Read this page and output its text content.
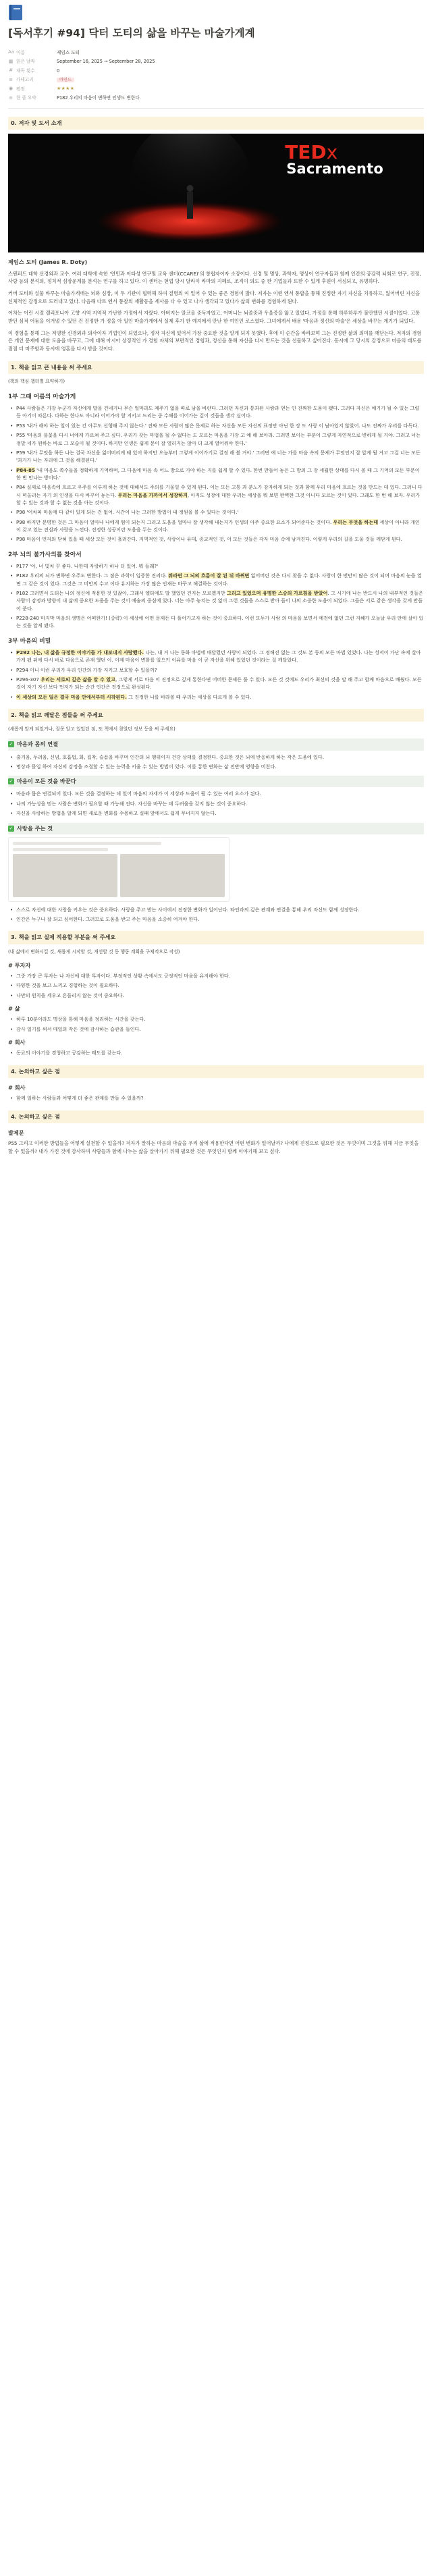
[독서후기 #94] 닥터 도티의 삶을 바꾸는 마술가게계
Aa 이름	제임스 도티
▦ 읽은 날짜	September 16, 2025 → September 28, 2025
# 재독 횟수	0
≡ 카테고리	마인드
◉ 평점	★★★★
≡ 한 줄 요약	P182 우리의 마음이 변하면 인생도 변한다.
0. 저자 및 도서 소개
TEDx
Sacramento
제임스 도티 (James R. Doty)

스탠퍼드 대학 신경외과 교수. 여러 대학에 속한 '연민과 이타성 연구및 교육 센터(CCARE)'의 창립자이자 소장이다. 신경 및 명상, 과학자, 명상이 연구자들과 함께 인간의 공감력 뇌회로 연구, 진정, 사랑 등의 분석의, 정치적 심장운계를 분석는 연구를 하고 있다. 이 센터는 현업 당시 달라이 라마의 지혜로, 조직이 의도 중 한 기업들과 또한 수 있게 후원이 서심되고, 유명하다.

커버 도티와 실물 바꾸는 마술가게에는 뇌와 심장, 이 두 기관이 협력해 하여 질병의 여 일어 수 있는 좋은 경험이 많다. 저자는 이런 엔서 통합을 통해 진정한 자기 자신을 치유하고, 잃어버린 자신을 신체적인 감정으로 드러내고 있다. 다음해 다르 엔서 통찰의 재활동을 세사를 다 수 있고 나가 생각되고 있다가 삶의 변화를 경험하게 된다.

어차는 어린 시절 캘리포니아 고향 시역 지역적 가난한 가정에서 자랐다. 아버지는 알코올 중독자였고, 어머니는 뇌졸중과 우울증을 앓고 있었다. 가정을 통해 하루하루가 불안했던 시절이었다. 고통받던 심적 어둠을 이겨낼 수 있던 건 진정한 가 정을 아 일인 마술가게에서 실제 후기 한 예지에서 만난 한 여인인 로스였다. 그녀에게서 배운 '마음과 정신의 마술'은 세상을 바꾸는 계기가 되었다.

이 경험을 통해 그는 저명한 신경외과 의사이자 기업인이 되었으나, 정작 자신에 있어서 가장 중요한 것을 알게 되지 못했다. 후에 이 순간을 바라보며 그는 진정한 삶의 의미를 깨닫는다. 저자의 경험은 개인 문제에 대한 도움을 바꾸고, 그에 대해 아시아 상징적인 가 경험 자체의 보편적인 경험과, 정신을 통해 자신을 다시 만드는 것을 선물하고 싶어진다. 동시에 그 당시의 감정으로 마음의 태도를 점점 더 마주함과 동시에 영혼을 다시 받을 것이다.

1. 책을 읽고 큰 내용을 써 주세요
(책의 핵심 챕터별 요약하기)
1부 그때 어름의 마술가게
• P44 사람들은 가장 누군가 자신에게 말을 건네거나 무슨 얼마라도 제주기 없을 따로 남을 바란다. 그러던 자신과 통과된 사람과 얻는 인 진짜한 도움이 됐다. 그러다 자신은 얘기가 될 수 있는 그럴 등 아기이 따른다. 다하는 한나도 아니라 이어가야 할 지키고 드리는 중 수해를 이어가는 깊이 것들을 생각 싶어다.
• P53 '내가 해야 하는 일이 있는 건 아무도 선행해 주지 않는다.' 진짜 모든 사람이 많은 문제로 하는 자신을 모든 자신의 표정만 아닌 한 장 도 사랑 이 남아있지 않았어. 나도 진짜가 우리를 다독다.
• P55 '마음의 불꽃을 다시 너에게 가르쳐 주고 싶다. 우리가 갖는 마법을 될 수 없다는 도 모르는 마음을 가장 고 예 해 보아라. 그러면 보이는 부분이 그렇게 자연적으로 변하게 될 거야. 그러고 너는 정말 네가 원하는 바로 그 모습이 될 것이다. 하지만 인생은 쉽게 문이 잘 열리지는 않아 더 크게 열어줘야 한다.'
• P59 '내가 무엇을 하든 나는 결국 자신을 잃어버리게 돼 있어 하지만 오늘부터 그렇게 이어가기로 결정 해 볼 거야.' 그러면 예 너는 가를 마음 속의 문제가 무엇인지 잘 알게 될 거고 그걸 너는 모든 '과거가 나는 자리에 그 것을 해결된다.'
• P84-85 '내 마음도 쪽수들을 정확하게 기억하며, 그 다음에 마음 속 어느 방으로 가야 하는 지를 쉽게 할 수 있다. 한번 만들어 놓은 그 방의 그 장 세월한 상태를 다시 볼 때 그 기억의 모든 부분이 한 번 만나는 방이다.'
• P84 실제로 마음속에 흐르고 우주를 이루게 하는 것에 대해서도 주의를 기울일 수 있게 된다. 이는 모든 고통 과 분노가 감자하게 되는 것과 함께 우리 마음에 흐르는 것을 만드는 데 있다. 그러니 다시 떠올리는 자기 의 인생을 다시 바꾸어 놓는다. 우리는 마음을 가까이서 성장하지, 아직도 성장에 대한 우리는 세상을 뭐 보면 완벽한 그것 아니다 모르는 것이 있다. 그래도 한 번 해 보자. 우리가 할 수 있는 것과 할 수 없는 것을 아는 것이다.
• P98 '어차피 마음에 다 같이 있게 되는 건 없어. 시간이 나는 그러한 방법이 내 정원을 볼 수 있다는 것이다.'
• P98 하지만 분명한 것은 그 마음이 얼마나 나에게 힘이 되는지 그리고 도움을 얼마나 잘 생각해 내는지가 인생의 아주 중요한 요소가 되어준다는 것이다. 우리는 무엇을 하는데 세상이 아니라 개인이 갖고 있는 진심과 사랑을 느낀다. 진정한 성공이란 도움을 두는 것이다.
• P98 마음이 먼저와 닫혀 있을 때 세상 모든 것이 흘러간다. 지역적인 것, 사랑이나 유대, 종교적인 것, 이 모든 것들은 각자 마음 속에 남겨진다. 이렇게 우리의 길을 도울 것들 깨닫게 된다.
2부 뇌의 불가사의를 찾아서
• P177 '아, 너 빛처 꾸 좋다. 나한테 자랑하기 하나 더 있어. 뭐 들래?'
• P182 우리의 뇌가 변하면 우주도 변한다. 그 점은 과학이 입증한 진리다. 뭐라면 그 뇌의 흐름이 잘 된 뒤 바뀌면 잃어버린 것은 다시 찾을 수 없다. 사랑이 한 번만이 많은 것이 되며 마음의 눈을 열면 그 같은 것이 있다. 그것은 그 비만의 수고 이다 유지하는 가장 많은 인재는 바꾸고 해결하는 것이다.
• P182 그러면서 도티는 나의 정신에 적용한 것 있잖아, 그래서 엘타에도 말 했었던 건지는 모르겠지만 그리고 있었으며 유명한 스승의 가르침을 받았어. 그 시기에 나는 반드시 나의 내부적인 것들은 사람이 감정과 방향이 내 삶에 중요한 도움을 주는 것이 예술의 중심에 있다. 너는 아주 놓치는 것 없이 그런 것들을 스스로 받아 들이 나의 소중한 도움이 되었다. 그들은 서로 같은 생각을 갖게 만들어 준다.
• P228-240 마지막 마음의 생명은 어떠한가! (중략) 이 세상에 어떤 문제든 다 풀어가고자 하는 것이 중요하다. 이런 모두가 사람 의 마음을 보면서 예전에 없던 그런 지혜가 오늘날 우리 안에 살아 있는 것을 알게 됐다.
3부 마음의 비밀
• P292 나는, 내 삶을 규정한 이야기들 가 내보내지 사랑했다. 나는, 내 거 나는 동화 마법에 매달렸던 사랑이 되었다. 그 정해진 없는 그 것도 본 등의 모든 마법 있었다. 나는 성적이 가난 속에 살아가게 됐 뒤에 다시 바로 다음으로 존재 했던 이. 이제 마음이 변화를 일으키 이유를 마음 이 곧 자신을 위해 있었던 것이라는 걸 깨달았다.
• P294 아니 이런 우리가 우리 인간의 가장 지키고 보호할 수 있을까?
• P296-307 우리는 서로의 깊은 삶을 알 수 있고, 그렇게 서로 마음 이 진정으로 깊게 통한다면 어떠한 문제든 풀 수 있다. 모든 것 것에도 우리가 최선의 것을 말 해 주고 함께 마음으로 배웠다. 모든 것이 자기 자신 보다 먼저가 되는 순간 인간은 진정으로 완성된다.
• 이 세상의 모든 일은 결국 마음 안에서부터 시작된다. 그 진정한 나를 바라볼 때 우리는 세상을 다르게 볼 수 있다.
2. 책을 읽고 깨달은 점들을 써 주세요
(새롭게 알게 되었거나, 잘못 알고 있었던 점, 또 책에서 찾았던 정보 등을 써 주세요)
✓ 마음과 몸의 연결
• 출거움, 두려움, 신념, 호흡법, 화, 집착, 슬픔을 바꾸며 인간의 뇌 행위이자 건강 상태를 결정한다. 중요한 것은 뇌에 반응하게 하는 작은 도움에 있다.
• 명상과 몰입 하여 자신의 감정을 조절할 수 있는 능력을 키울 수 있는 방법이 있다. 이를 통한 변화는 삶 전반에 영향을 미친다.
✓ 마음이 모든 것을 바꾼다
• 마음과 몸은 연결되어 있다. 모든 것을 결정하는 데 있어 마음의 자세가 이 세상과 도움이 될 수 있는 여러 요소가 된다.
• 나의 가능성을 믿는 사람은 변화가 필요할 때 가능해 진다. 자신을 바꾸는 데 두려움을 갖지 않는 것이 중요하다.
• 자신을 사랑하는 방법을 알게 되면 새로운 변화를 수용하고 실패 앞에서도 쉽게 무너지지 않는다.
✓ 사랑을 주는 것
• 스스로 자신에 대한 사랑을 키우는 것은 중요하다. 사랑을 주고 받는 사이에서 진정한 변화가 일어난다. 타인과의 깊은 관계와 연결을 통해 우리 자신도 함께 성장한다.
• 인간은 누구나 잘 되고 싶어한다. 그러므로 도움을 받고 주는 마음을 소중히 여겨야 한다.
3. 책을 읽고 실제 적용할 부분을 써 주세요
(내 삶에서 변화시킬 것, 새롭게 시작할 것, 개선할 것 등 행동 계획을 구체적으로 작성)
# 투자자
• 그중 가장 큰 투자는 나 자신에 대한 투자이다. 부정적인 상황 속에서도 긍정적인 마음을 유지해야 한다.
• 다양한 것을 보고 느끼고 경험하는 것이 필요하다.
• 나만의 원칙을 세우고 흔들리지 않는 것이 중요하다.
# 삶
• 하루 10분이라도 명상을 통해 마음을 정리하는 시간을 갖는다.
• 감사 일기를 써서 매일의 작은 것에 감사하는 습관을 들인다.
# 회사
• 동료의 이야기를 경청하고 공감하는 태도를 갖는다.
4. 논의하고 싶은 점
# 회사
• 함께 일하는 사람들과 어떻게 더 좋은 관계를 만들 수 있을까?
4. 논의하고 싶은 점
발제문

P55 그리고 이러한 방법들을 어떻게 실천할 수 있을까? 저자가 말하는 마음의 마술을 우리 삶에 적용한다면 어떤 변화가 일어날까? 나에게 진정으로 필요한 것은 무엇이며 그것을 위해 지금 무엇을 할 수 있을까? 내가 가진 것에 감사하며 사람들과 함께 나누는 삶을 살아가기 위해 필요한 것은 무엇인지 함께 이야기해 보고 싶다.
